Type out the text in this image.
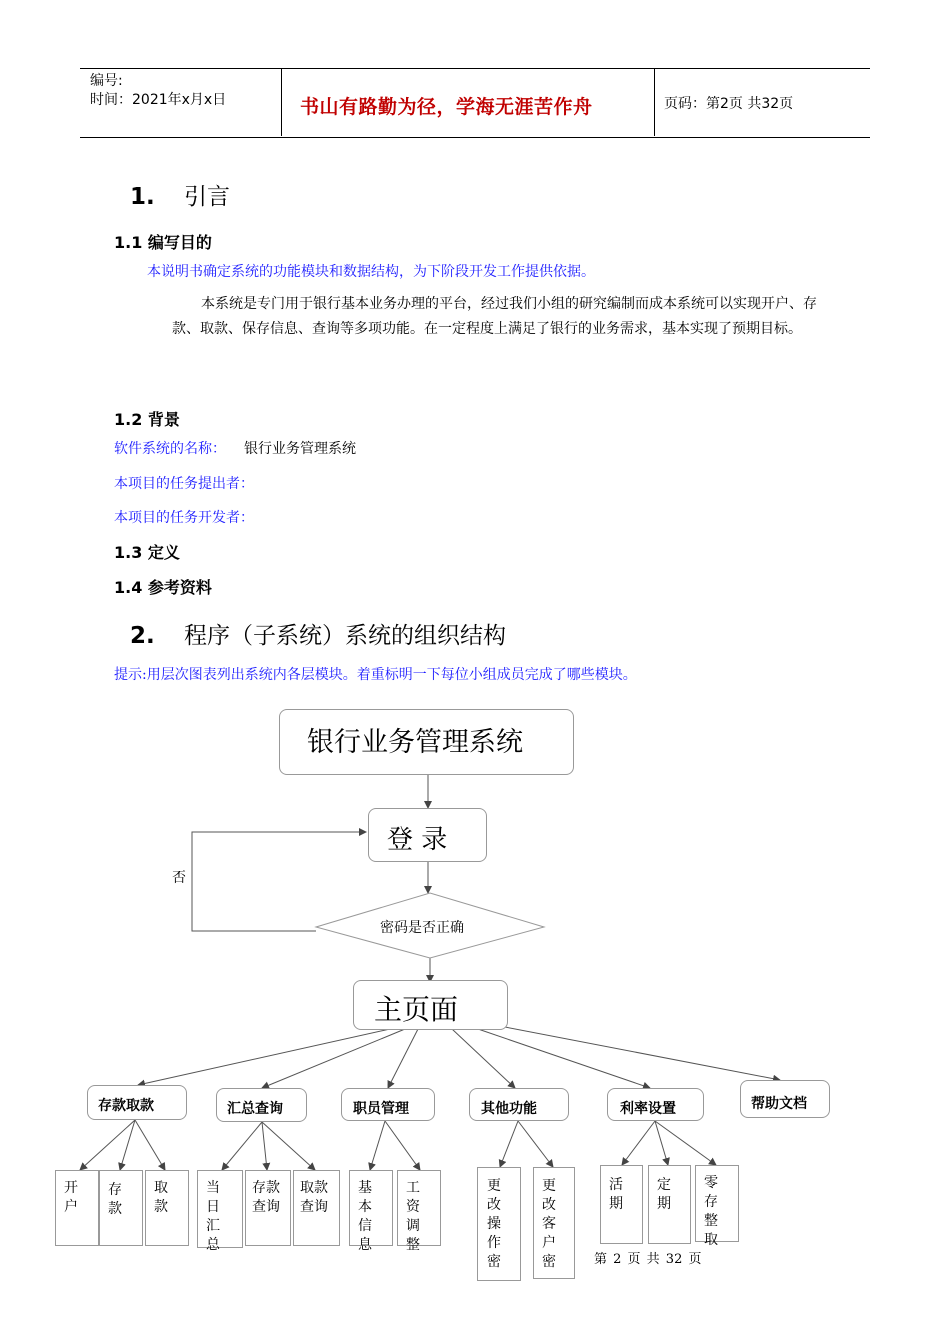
编号:
时间：2021年x月x日	书山有路勤为径，学海无涯苦作舟	页码：第2页 共32页
1. 引言
1.1 编写目的
本说明书确定系统的功能模块和数据结构，为下阶段开发工作提供依据。
本系统是专门用于银行基本业务办理的平台，经过我们小组的研究编制而成本系统可以实现开户、存款、取款、保存信息、查询等多项功能。在一定程度上满足了银行的业务需求，基本实现了预期目标。
1.2 背景
软件系统的名称： 银行业务管理系统
本项目的任务提出者：
本项目的任务开发者：
1.3 定义
1.4 参考资料
2. 程序（子系统）系统的组织结构
提示:用层次图表列出系统内各层模块。着重标明一下每位小组成员完成了哪些模块。
银行业务管理系统
登 录
否
密码是否正确
主页面
存款取款	汇总查询	职员管理	其他功能	利率设置	帮助文档
开户
存款
取款
当日汇总
存款查询
取款查询
基本信息
工资调整
更改操作密
更改客户密
活期
定期
零存整取
第 2 页 共 32 页
